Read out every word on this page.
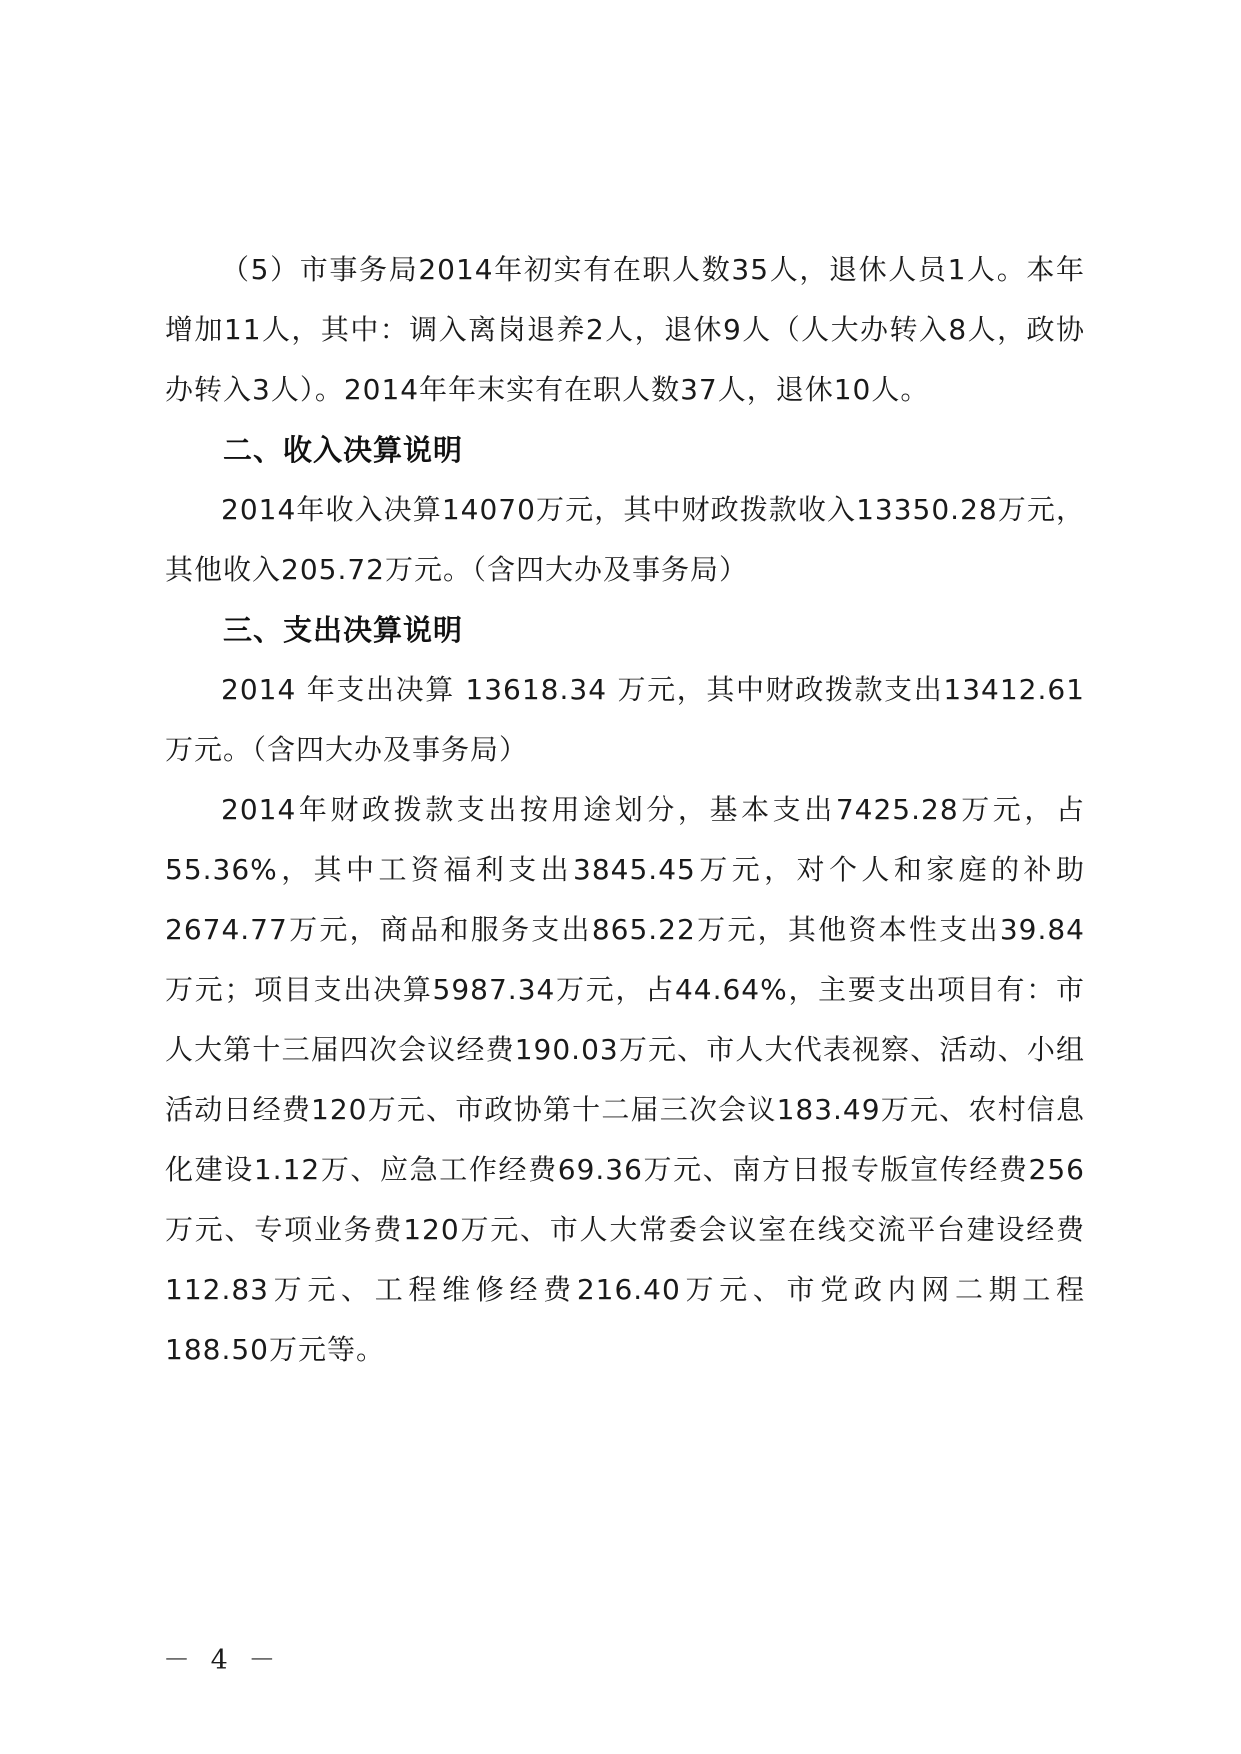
（5）市事务局2014年初实有在职人数35人，退休人员1人。本年增加11人，其中：调入离岗退养2人，退休9人（人大办转入8人，政协办转入3人）。2014年年末实有在职人数37人，退休10人。

二、收入决算说明

2014年收入决算14070万元，其中财政拨款收入13350.28万元，其他收入205.72万元。（含四大办及事务局）

三、支出决算说明

2014 年支出决算 13618.34 万元，其中财政拨款支出13412.61万元。（含四大办及事务局）

2014年财政拨款支出按用途划分，基本支出7425.28万元，占55.36%，其中工资福利支出3845.45万元，对个人和家庭的补助2674.77万元，商品和服务支出865.22万元，其他资本性支出39.84万元；项目支出决算5987.34万元，占44.64%，主要支出项目有：市人大第十三届四次会议经费190.03万元、市人大代表视察、活动、小组活动日经费120万元、市政协第十二届三次会议183.49万元、农村信息化建设1.12万、应急工作经费69.36万元、南方日报专版宣传经费256万元、专项业务费120万元、市人大常委会议室在线交流平台建设经费112.83万元、工程维修经费216.40万元、市党政内网二期工程188.50万元等。

－ 4 －
